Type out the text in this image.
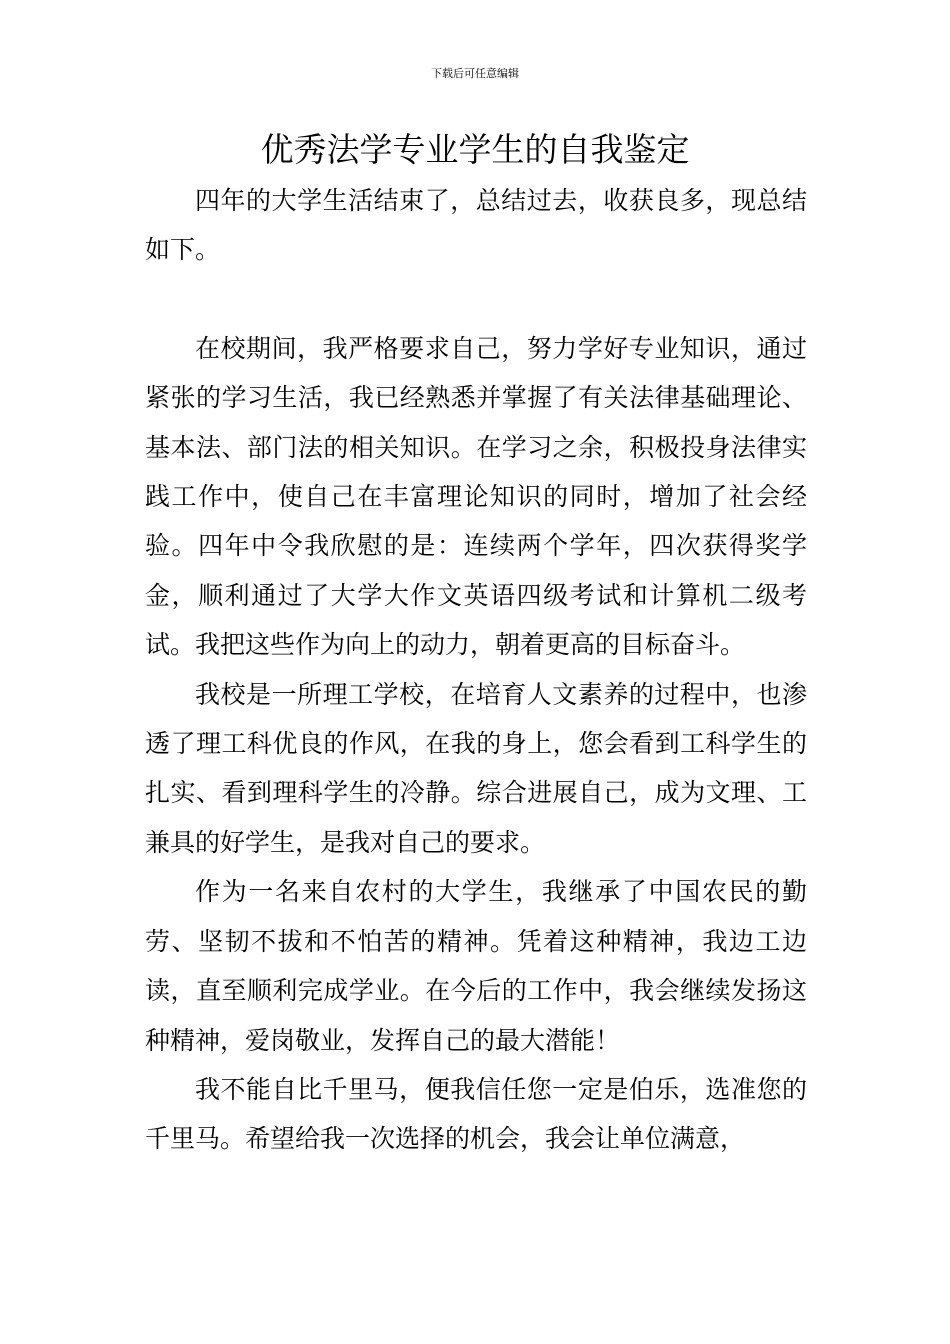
下载后可任意编辑
优秀法学专业学生的自我鉴定

四年的大学生活结束了，总结过去，收获良多，现总结如下。

在校期间，我严格要求自己，努力学好专业知识，通过紧张的学习生活，我已经熟悉并掌握了有关法律基础理论、基本法、部门法的相关知识。在学习之余，积极投身法律实践工作中，使自己在丰富理论知识的同时，增加了社会经验。四年中令我欣慰的是：连续两个学年，四次获得奖学金，顺利通过了大学大作文英语四级考试和计算机二级考试。我把这些作为向上的动力，朝着更高的目标奋斗。

我校是一所理工学校，在培育人文素养的过程中，也渗透了理工科优良的作风，在我的身上，您会看到工科学生的扎实、看到理科学生的冷静。综合进展自己，成为文理、工兼具的好学生，是我对自己的要求。

作为一名来自农村的大学生，我继承了中国农民的勤劳、坚韧不拔和不怕苦的精神。凭着这种精神，我边工边读，直至顺利完成学业。在今后的工作中，我会继续发扬这种精神，爱岗敬业，发挥自己的最大潜能！

我不能自比千里马，便我信任您一定是伯乐，选准您的千里马。希望给我一次选择的机会，我会让单位满意，
